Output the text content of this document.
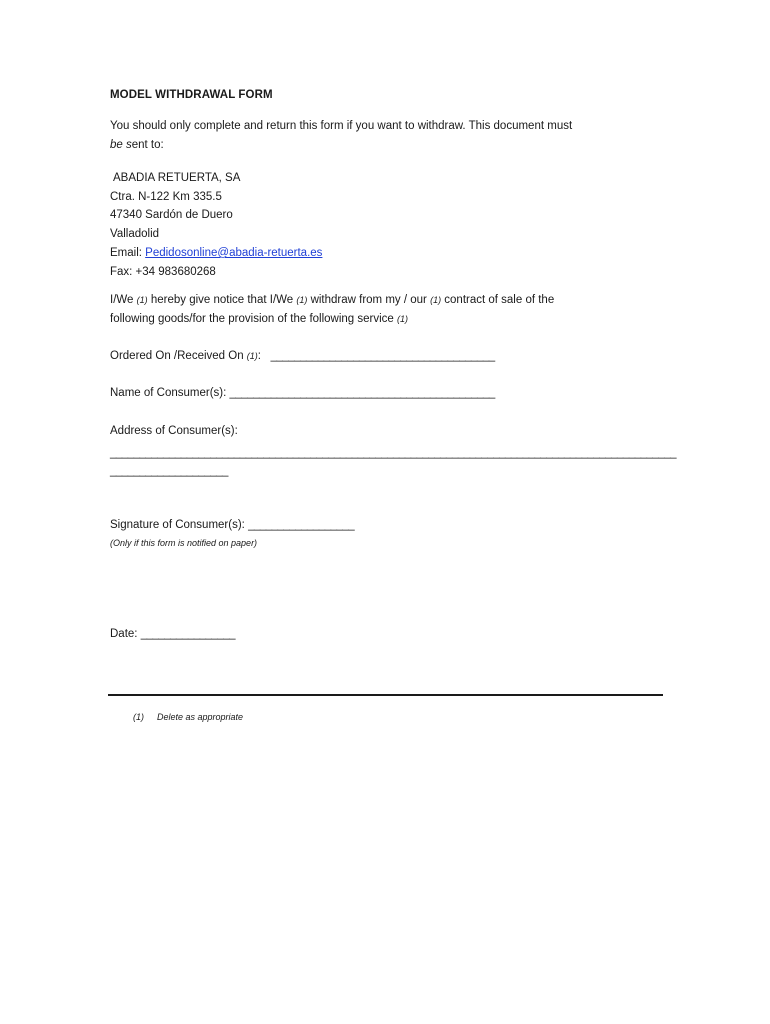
MODEL WITHDRAWAL FORM
You should only complete and return this form if you want to withdraw. This document must
be sent to:
ABADIA RETUERTA, SA
Ctra. N-122 Km 335.5
47340 Sardón de Duero
Valladolid
Email: Pedidosonline@abadia-retuerta.es
Fax: +34 983680268
I/We (1) hereby give notice that I/We (1) withdraw from my / our (1) contract of sale of the
following goods/for the provision of the following service (1)
Ordered On /Received On (1): ______________________________________
Name of Consumer(s): _____________________________________________
Address of Consumer(s):
________________________________________________________________________________________________
____________________
Signature of Consumer(s): __________________
(Only if this form is notified on paper)
Date: ________________
(1) Delete as appropriate
